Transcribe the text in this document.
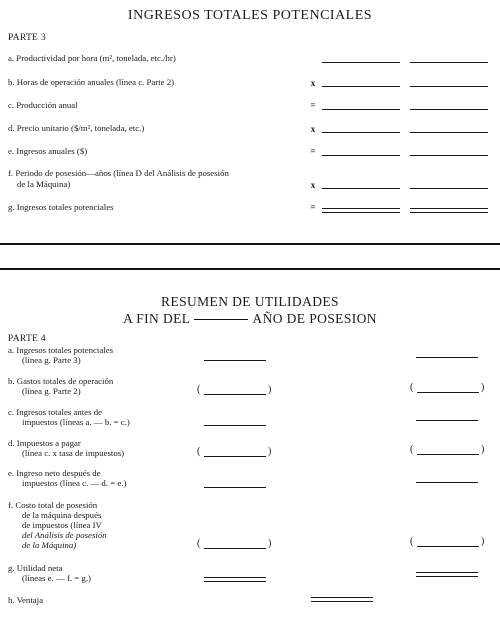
INGRESOS TOTALES POTENCIALES
PARTE 3
a. Productividad por hora (m², tonelada, etc./hr)
b. Horas de operación anuales (línea c. Parte 2)	x
c. Producción anual	=
d. Precio unitario ($/m², tonelada, etc.)	x
e. Ingresos anuales ($)	=
f. Periodo de posesión—años (línea D del Análisis de posesión
de la Máquina)	x
g. Ingresos totales potenciales	=
RESUMEN DE UTILIDADES
A FIN DEL	AÑO DE POSESION
PARTE 4
a. Ingresos totales potenciales
(línea g. Parte 3)
b. Gastos totales de operación
(línea g. Parte 2)	(	)	(	)
c. Ingresos totales antes de
impuestos (líneas a. — b. = c.)
d. Impuestos a pagar
(línea c. x tasa de impuestos)	(	)	(	)
e. Ingreso neto después de
impuestos (línea c. — d. = e.)
f. Costo total de posesión
de la máquina después
de impuestos (línea IV
del Análisis de posesión
de la Máquina)	(	)	(	)
g. Utilidad neta
(líneas e. — f. = g.)
h. Ventaja
